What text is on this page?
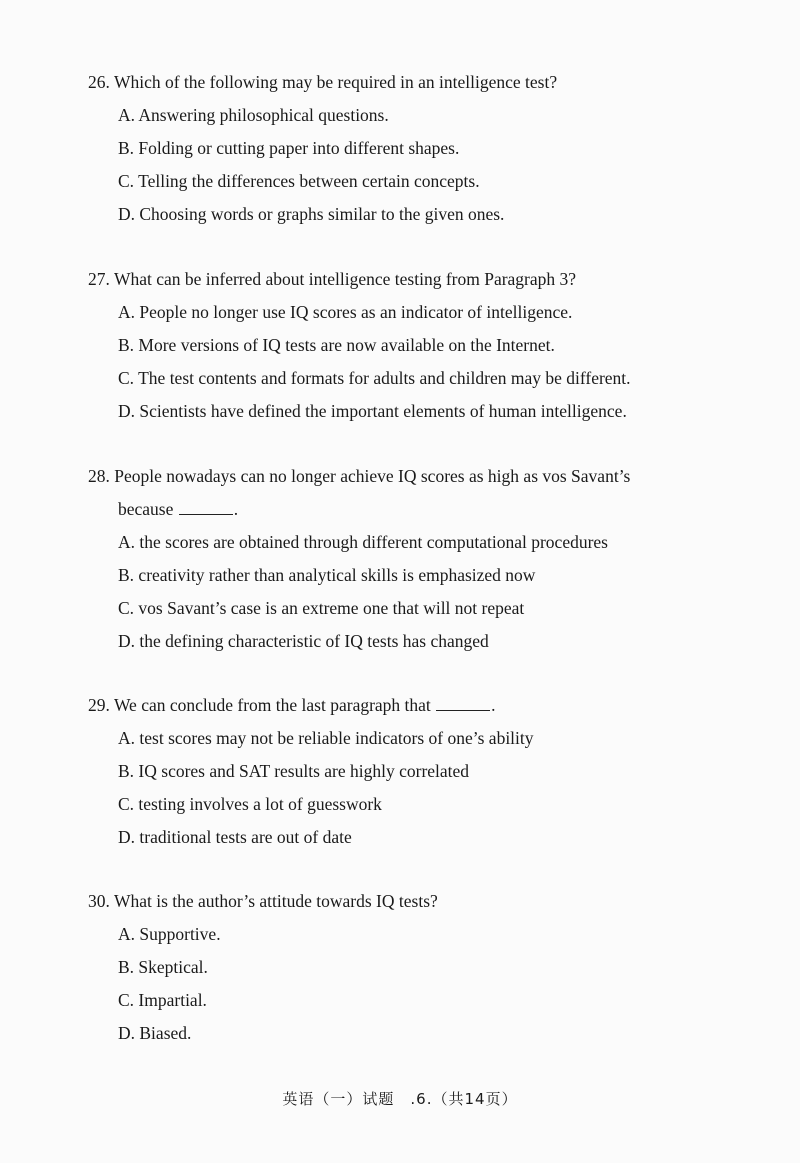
26. Which of the following may be required in an intelligence test?
A. Answering philosophical questions.
B. Folding or cutting paper into different shapes.
C. Telling the differences between certain concepts.
D. Choosing words or graphs similar to the given ones.
27. What can be inferred about intelligence testing from Paragraph 3?
A. People no longer use IQ scores as an indicator of intelligence.
B. More versions of IQ tests are now available on the Internet.
C. The test contents and formats for adults and children may be different.
D. Scientists have defined the important elements of human intelligence.
28. People nowadays can no longer achieve IQ scores as high as vos Savant’s
because	.
A. the scores are obtained through different computational procedures
B. creativity rather than analytical skills is emphasized now
C. vos Savant’s case is an extreme one that will not repeat
D. the defining characteristic of IQ tests has changed
29. We can conclude from the last paragraph that	.
A. test scores may not be reliable indicators of one’s ability
B. IQ scores and SAT results are highly correlated
C. testing involves a lot of guesswork
D. traditional tests are out of date
30. What is the author’s attitude towards IQ tests?
A. Supportive.
B. Skeptical.
C. Impartial.
D. Biased.
英语（一）试题　.6.（共14页）
